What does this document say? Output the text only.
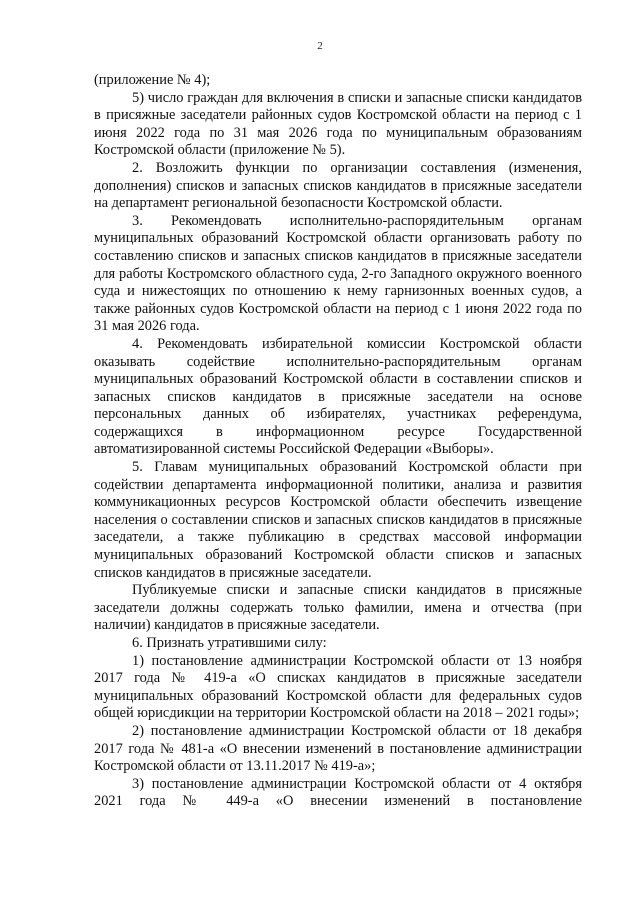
2

(приложение № 4);

5) число граждан для включения в списки и запасные списки кандидатов в присяжные заседатели районных судов Костромской области на период с 1 июня 2022 года по 31 мая 2026 года по муниципальным образованиям Костромской области (приложение № 5).

2. Возложить функции по организации составления (изменения, дополнения) списков и запасных списков кандидатов в присяжные заседатели на департамент региональной безопасности Костромской области.

3. Рекомендовать исполнительно-распорядительным органам муниципальных образований Костромской области организовать работу по составлению списков и запасных списков кандидатов в присяжные заседатели для работы Костромского областного суда, 2-го Западного окружного военного суда и нижестоящих по отношению к нему гарнизонных военных судов, а также районных судов Костромской области на период с 1 июня 2022 года по 31 мая 2026 года.

4. Рекомендовать избирательной комиссии Костромской области оказывать содействие исполнительно-распорядительным органам муниципальных образований Костромской области в составлении списков и запасных списков кандидатов в присяжные заседатели на основе персональных данных об избирателях, участниках референдума, содержащихся в информационном ресурсе Государственной автоматизированной системы Российской Федерации «Выборы».

5. Главам муниципальных образований Костромской области при содействии департамента информационной политики, анализа и развития коммуникационных ресурсов Костромской области обеспечить извещение населения о составлении списков и запасных списков кандидатов в присяжные заседатели, а также публикацию в средствах массовой информации муниципальных образований Костромской области списков и запасных списков кандидатов в присяжные заседатели.

Публикуемые списки и запасные списки кандидатов в присяжные заседатели должны содержать только фамилии, имена и отчества (при наличии) кандидатов в присяжные заседатели.

6. Признать утратившими силу:

1) постановление администрации Костромской области от 13 ноября 2017 года № 419-а «О списках кандидатов в присяжные заседатели муниципальных образований Костромской области для федеральных судов общей юрисдикции на территории Костромской области на 2018 – 2021 годы»;

2) постановление администрации Костромской области от 18 декабря 2017 года № 481-а «О внесении изменений в постановление администрации Костромской области от 13.11.2017 № 419-а»;

3) постановление администрации Костромской области от 4 октября 2021 года № 449-а «О внесении изменений в постановление
